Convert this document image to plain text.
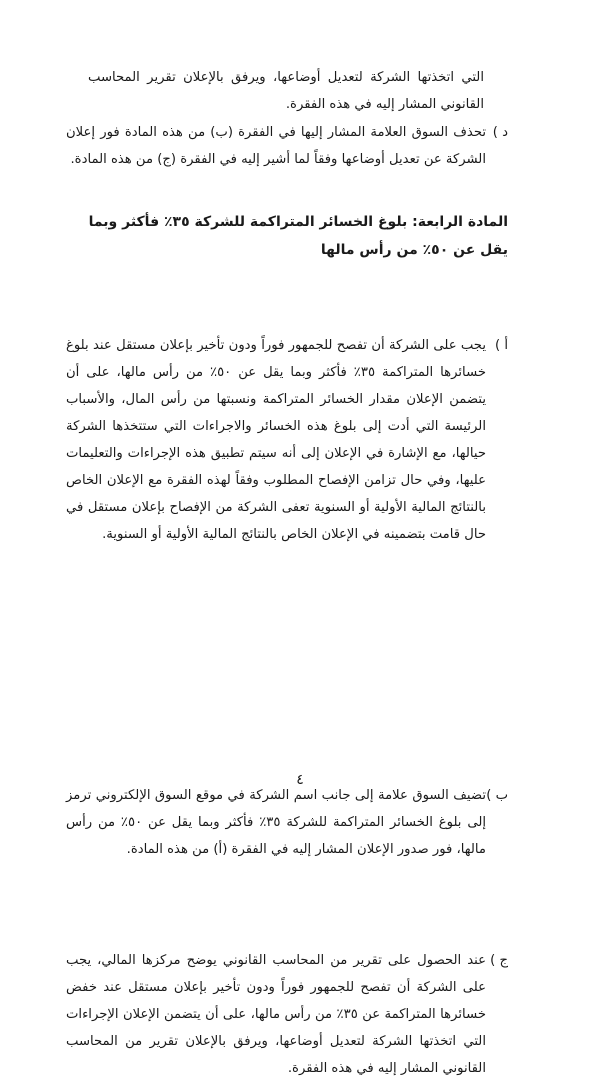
التي اتخذتها الشركة لتعديل أوضاعها، ويرفق بالإعلان تقرير المحاسب القانوني المشار إليه في هذه الفقرة.

د )

تحذف السوق العلامة المشار إليها في الفقرة (ب) من هذه المادة فور إعلان الشركة عن تعديل أوضاعها وفقاً لما أشير إليه في الفقرة (ج) من هذه المادة.

المادة الرابعة: بلوغ الخسائر المتراكمة للشركة ٣٥٪ فأكثر وبما يقل عن ٥٠٪ من رأس مالها

أ )

يجب على الشركة أن تفصح للجمهور فوراً ودون تأخير بإعلان مستقل عند بلوغ خسائرها المتراكمة ٣٥٪ فأكثر وبما يقل عن ٥٠٪ من رأس مالها، على أن يتضمن الإعلان مقدار الخسائر المتراكمة ونسبتها من رأس المال، والأسباب الرئيسة التي أدت إلى بلوغ هذه الخسائر والاجراءات التي ستتخذها الشركة حيالها، مع الإشارة في الإعلان إلى أنه سيتم تطبيق هذه الإجراءات والتعليمات عليها، وفي حال تزامن الإفصاح المطلوب وفقاً لهذه الفقرة مع الإعلان الخاص بالنتائج المالية الأولية أو السنوية تعفى الشركة من الإفصاح بإعلان مستقل في حال قامت بتضمينه في الإعلان الخاص بالنتائج المالية الأولية أو السنوية.

ب )

تضيف السوق علامة إلى جانب اسم الشركة في موقع السوق الإلكتروني ترمز إلى بلوغ الخسائر المتراكمة للشركة ٣٥٪ فأكثر وبما يقل عن ٥٠٪ من رأس مالها، فور صدور الإعلان المشار إليه في الفقرة (أ) من هذه المادة.

ج )

عند الحصول على تقرير من المحاسب القانوني يوضح مركزها المالي، يجب على الشركة أن تفصح للجمهور فوراً ودون تأخير بإعلان مستقل عند خفض خسائرها المتراكمة عن ٣٥٪ من رأس مالها، على أن يتضمن الإعلان الإجراءات التي اتخذتها الشركة لتعديل أوضاعها، ويرفق بالإعلان تقرير من المحاسب القانوني المشار إليه في هذه الفقرة.

٤
